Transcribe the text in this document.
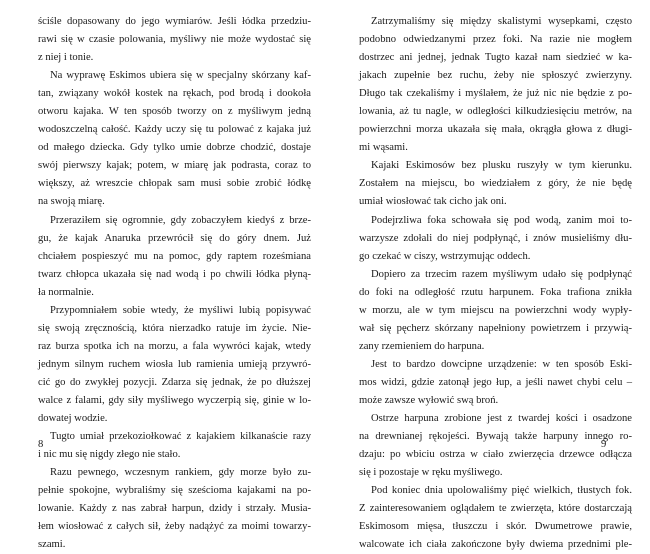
ściśle dopasowany do jego wymiarów. Jeśli łódka przedziu-
rawi się w czasie polowania, myśliwy nie może wydostać się
z niej i tonie.
Na wyprawę Eskimos ubiera się w specjalny skórzany kaf-
tan, związany wokół kostek na rękach, pod brodą i dookoła
otworu kajaka. W ten sposób tworzy on z myśliwym jedną
wodoszczelną całość. Każdy uczy się tu polować z kajaka już
od małego dziecka. Gdy tylko umie dobrze chodzić, dostaje
swój pierwszy kajak; potem, w miarę jak podrasta, coraz to
większy, aż wreszcie chłopak sam musi sobie zrobić łódkę
na swoją miarę.
Przeraziłem się ogromnie, gdy zobaczyłem kiedyś z brze-
gu, że kajak Anaruka przewrócił się do góry dnem. Już
chciałem pospieszyć mu na pomoc, gdy raptem roześmiana
twarz chłopca ukazała się nad wodą i po chwili łódka płyną-
ła normalnie.
Przypomniałem sobie wtedy, że myśliwi lubią popisywać
się swoją zręcznością, która nierzadko ratuje im życie. Nie-
raz burza spotka ich na morzu, a fala wywróci kajak, wtedy
jednym silnym ruchem wiosła lub ramienia umieją przywró-
cić go do zwykłej pozycji. Zdarza się jednak, że po dłuższej
walce z falami, gdy siły myśliwego wyczerpią się, ginie w lo-
dowatej wodzie.
Tugto umiał przekoziołkować z kajakiem kilkanaście razy
i nic mu się nigdy złego nie stało.
Razu pewnego, wczesnym rankiem, gdy morze było zu-
pełnie spokojne, wybraliśmy się sześcioma kajakami na po-
lowanie. Każdy z nas zabrał harpun, dzidy i strzały. Musia-
łem wiosłować z całych sił, żeby nadążyć za moimi towarzy-
szami.
8
Zatrzymaliśmy się między skalistymi wysepkami, często
podobno odwiedzanymi przez foki. Na razie nie mogłem
dostrzec ani jednej, jednak Tugto kazał nam siedzieć w ka-
jakach zupełnie bez ruchu, żeby nie spłoszyć zwierzyny.
Długo tak czekaliśmy i myślałem, że już nic nie będzie z po-
lowania, aż tu nagle, w odległości kilkudziesięciu metrów, na
powierzchni morza ukazała się mała, okrągła głowa z długi-
mi wąsami.
Kajaki Eskimosów bez plusku ruszyły w tym kierunku.
Zostałem na miejscu, bo wiedziałem z góry, że nie będę
umiał wiosłować tak cicho jak oni.
Podejrzliwa foka schowała się pod wodą, zanim moi to-
warzysze zdołali do niej podpłynąć, i znów musieliśmy dłu-
go czekać w ciszy, wstrzymując oddech.
Dopiero za trzecim razem myśliwym udało się podpłynąć
do foki na odległość rzutu harpunem. Foka trafiona znikła
w morzu, ale w tym miejscu na powierzchni wody wypły-
wał się pęcherz skórzany napełniony powietrzem i przywią-
zany rzemieniem do harpuna.
Jest to bardzo dowcipne urządzenie: w ten sposób Eski-
mos widzi, gdzie zatonął jego łup, a jeśli nawet chybi celu –
może zawsze wyłowić swą broń.
Ostrze harpuna zrobione jest z twardej kości i osadzone
na drewnianej rękojeści. Bywają także harpuny innego ro-
dzaju: po wbiciu ostrza w ciało zwierzęcia drzewce odłącza
się i pozostaje w ręku myśliwego.
Pod koniec dnia upolowaliśmy pięć wielkich, tłustych fok.
Z zainteresowaniem oglądałem te zwierzęta, które dostarczają
Eskimosom mięsa, tłuszczu i skór. Dwumetrowe prawie,
walcowate ich ciała zakończone były dwiema przednimi ple-
9
